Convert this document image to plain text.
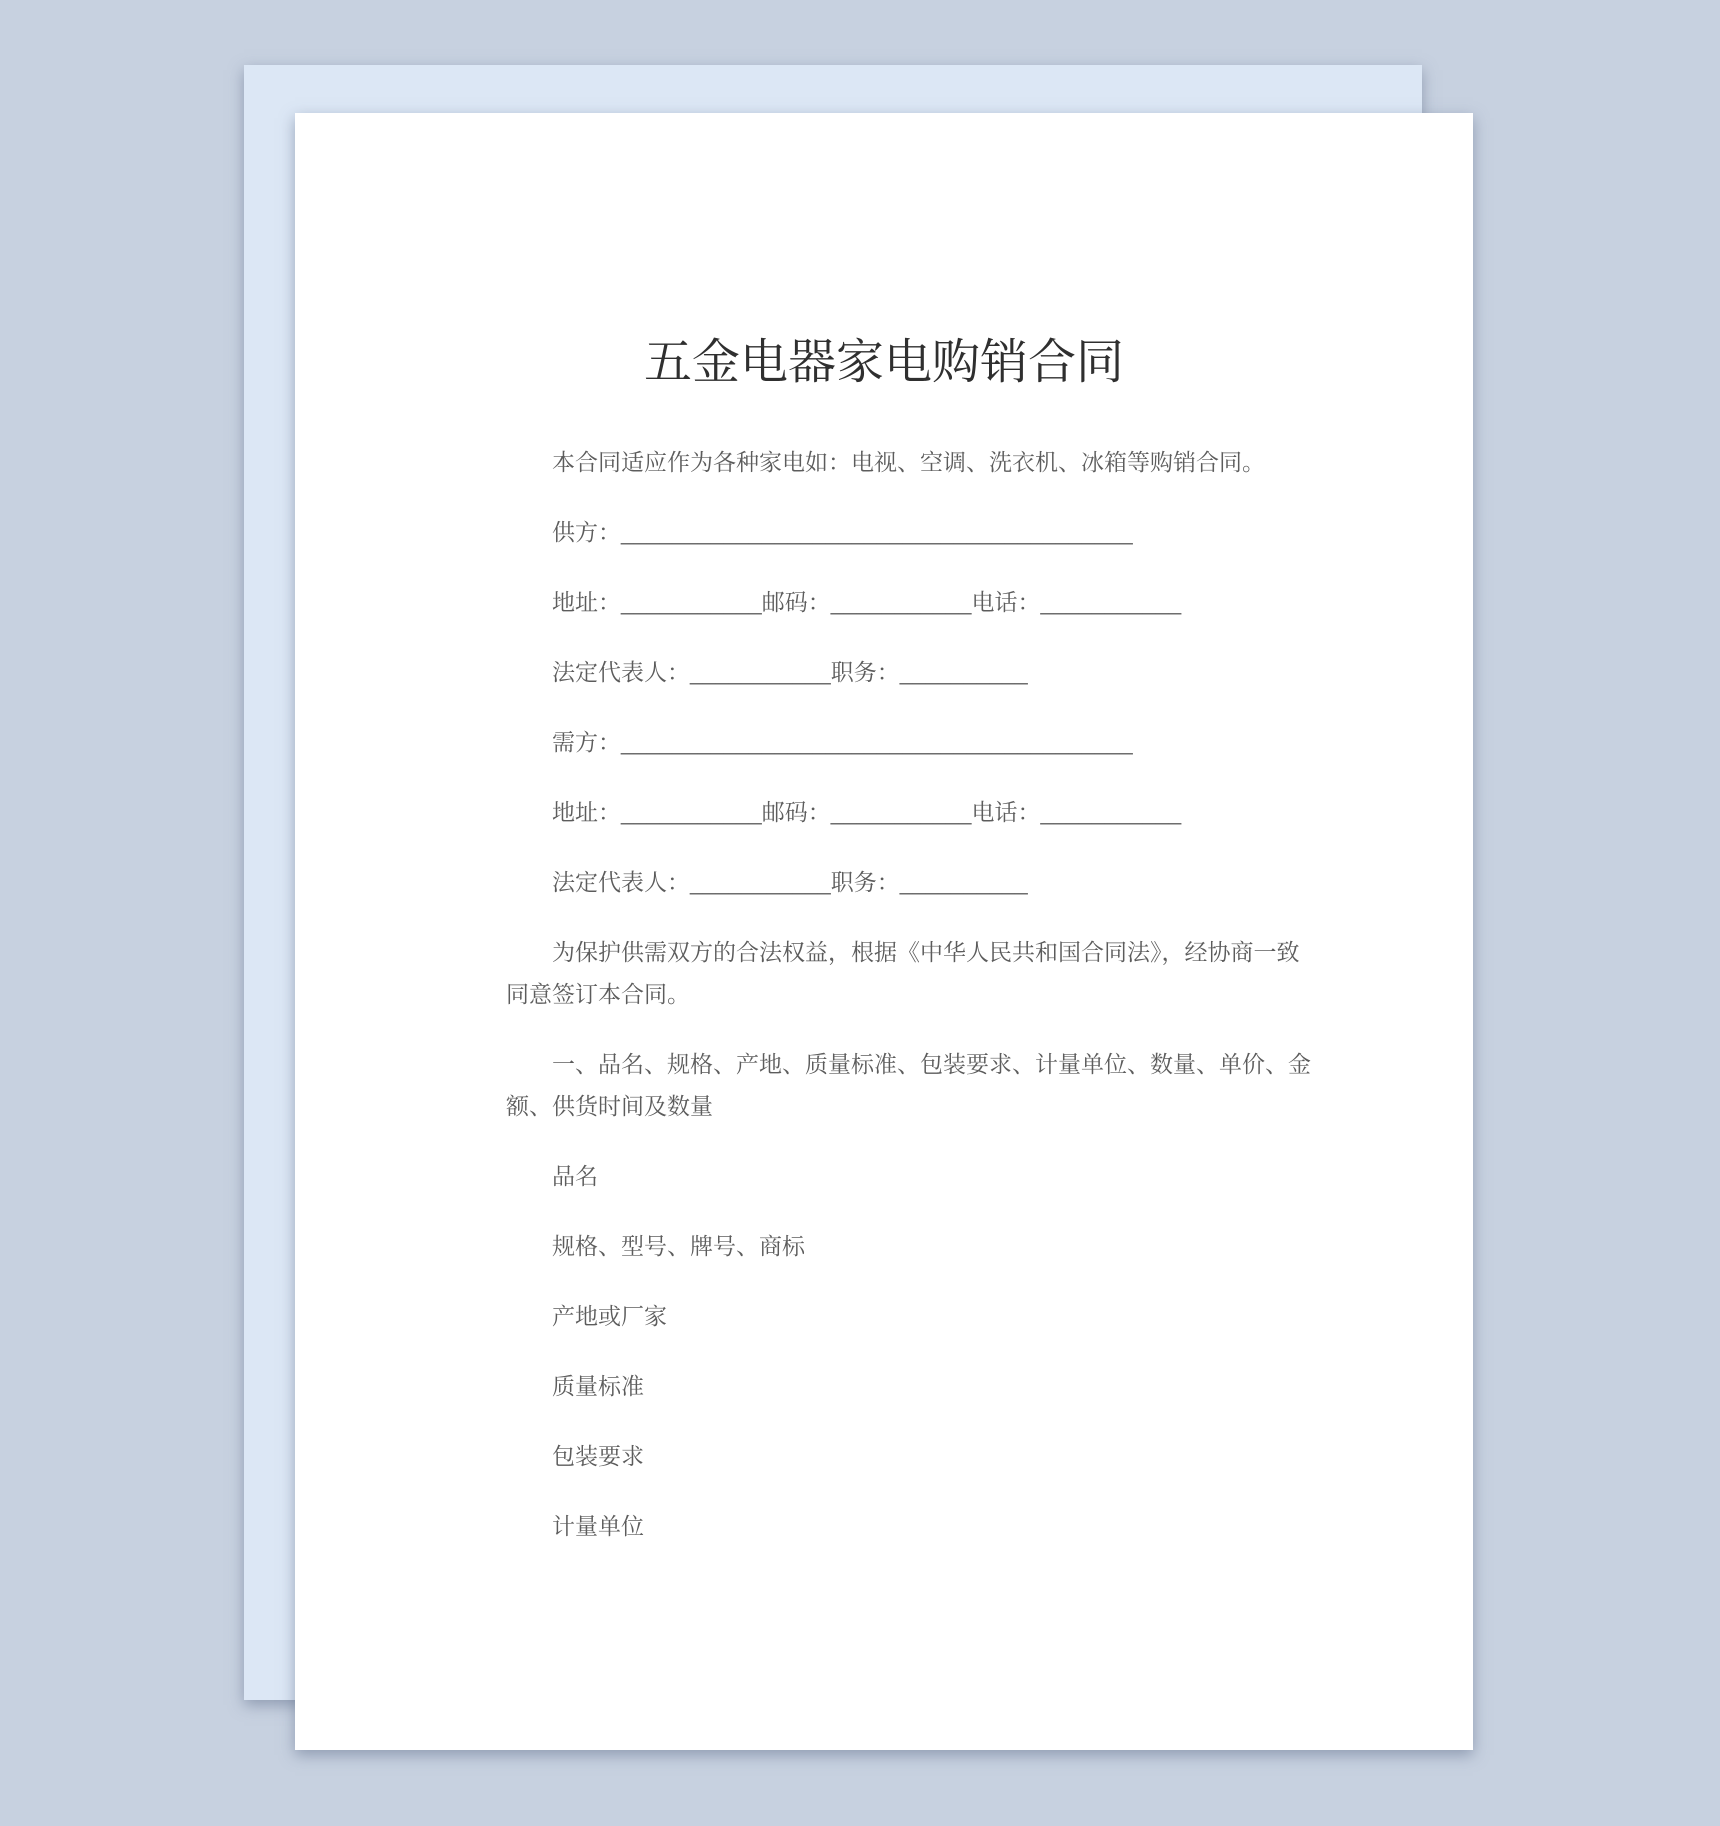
五金电器家电购销合同

本合同适应作为各种家电如：电视、空调、洗衣机、冰箱等购销合同。

供方：________________________________________

地址：___________邮码：___________电话：___________

法定代表人：___________职务：__________

需方：________________________________________

地址：___________邮码：___________电话：___________

法定代表人：___________职务：__________

为保护供需双方的合法权益，根据《中华人民共和国合同法》，经协商一致

同意签订本合同。

一、品名、规格、产地、质量标准、包装要求、计量单位、数量、单价、金

额、供货时间及数量

品名

规格、型号、牌号、商标

产地或厂家

质量标准

包装要求

计量单位
